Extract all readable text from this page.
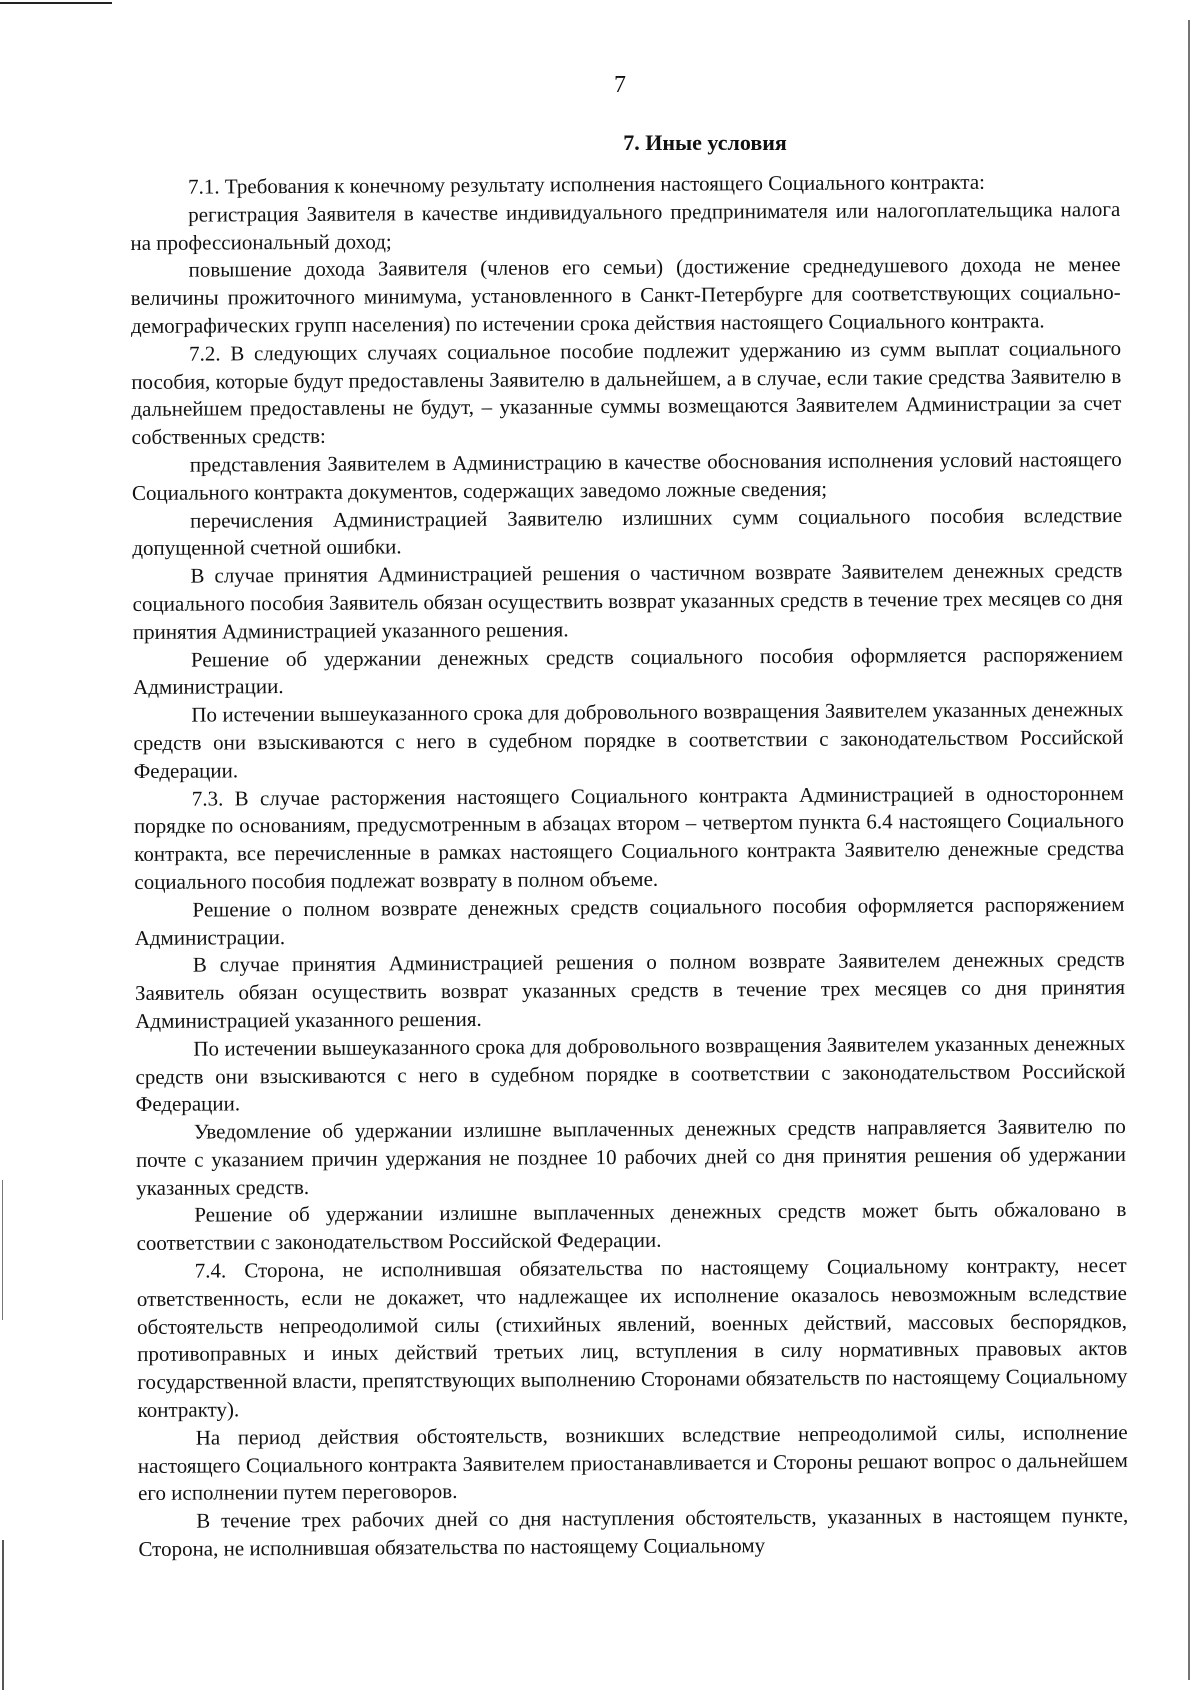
7
7. Иные условия

7.1. Требования к конечному результату исполнения настоящего Социального контракта:

регистрация Заявителя в качестве индивидуального предпринимателя или налогоплательщика налога на профессиональный доход;

повышение дохода Заявителя (членов его семьи) (достижение среднедушевого дохода не менее величины прожиточного минимума, установленного в Санкт-Петербурге для соответствующих социально-демографических групп населения) по истечении срока действия настоящего Социального контракта.

7.2. В следующих случаях социальное пособие подлежит удержанию из сумм выплат социального пособия, которые будут предоставлены Заявителю в дальнейшем, а в случае, если такие средства Заявителю в дальнейшем предоставлены не будут, – указанные суммы возмещаются Заявителем Администрации за счет собственных средств:

представления Заявителем в Администрацию в качестве обоснования исполнения условий настоящего Социального контракта документов, содержащих заведомо ложные сведения;

перечисления Администрацией Заявителю излишних сумм социального пособия вследствие допущенной счетной ошибки.

В случае принятия Администрацией решения о частичном возврате Заявителем денежных средств социального пособия Заявитель обязан осуществить возврат указанных средств в течение трех месяцев со дня принятия Администрацией указанного решения.

Решение об удержании денежных средств социального пособия оформляется распоряжением Администрации.

По истечении вышеуказанного срока для добровольного возвращения Заявителем указанных денежных средств они взыскиваются с него в судебном порядке в соответствии с законодательством Российской Федерации.

7.3. В случае расторжения настоящего Социального контракта Администрацией в одностороннем порядке по основаниям, предусмотренным в абзацах втором – четвертом пункта 6.4 настоящего Социального контракта, все перечисленные в рамках настоящего Социального контракта Заявителю денежные средства социального пособия подлежат возврату в полном объеме.

Решение о полном возврате денежных средств социального пособия оформляется распоряжением Администрации.

В случае принятия Администрацией решения о полном возврате Заявителем денежных средств Заявитель обязан осуществить возврат указанных средств в течение трех месяцев со дня принятия Администрацией указанного решения.

По истечении вышеуказанного срока для добровольного возвращения Заявителем указанных денежных средств они взыскиваются с него в судебном порядке в соответствии с законодательством Российской Федерации.

Уведомление об удержании излишне выплаченных денежных средств направляется Заявителю по почте с указанием причин удержания не позднее 10 рабочих дней со дня принятия решения об удержании указанных средств.

Решение об удержании излишне выплаченных денежных средств может быть обжаловано в соответствии с законодательством Российской Федерации.

7.4. Сторона, не исполнившая обязательства по настоящему Социальному контракту, несет ответственность, если не докажет, что надлежащее их исполнение оказалось невозможным вследствие обстоятельств непреодолимой силы (стихийных явлений, военных действий, массовых беспорядков, противоправных и иных действий третьих лиц, вступления в силу нормативных правовых актов государственной власти, препятствующих выполнению Сторонами обязательств по настоящему Социальному контракту).

На период действия обстоятельств, возникших вследствие непреодолимой силы, исполнение настоящего Социального контракта Заявителем приостанавливается и Стороны решают вопрос о дальнейшем его исполнении путем переговоров.

В течение трех рабочих дней со дня наступления обстоятельств, указанных в настоящем пункте, Сторона, не исполнившая обязательства по настоящему Социальному
